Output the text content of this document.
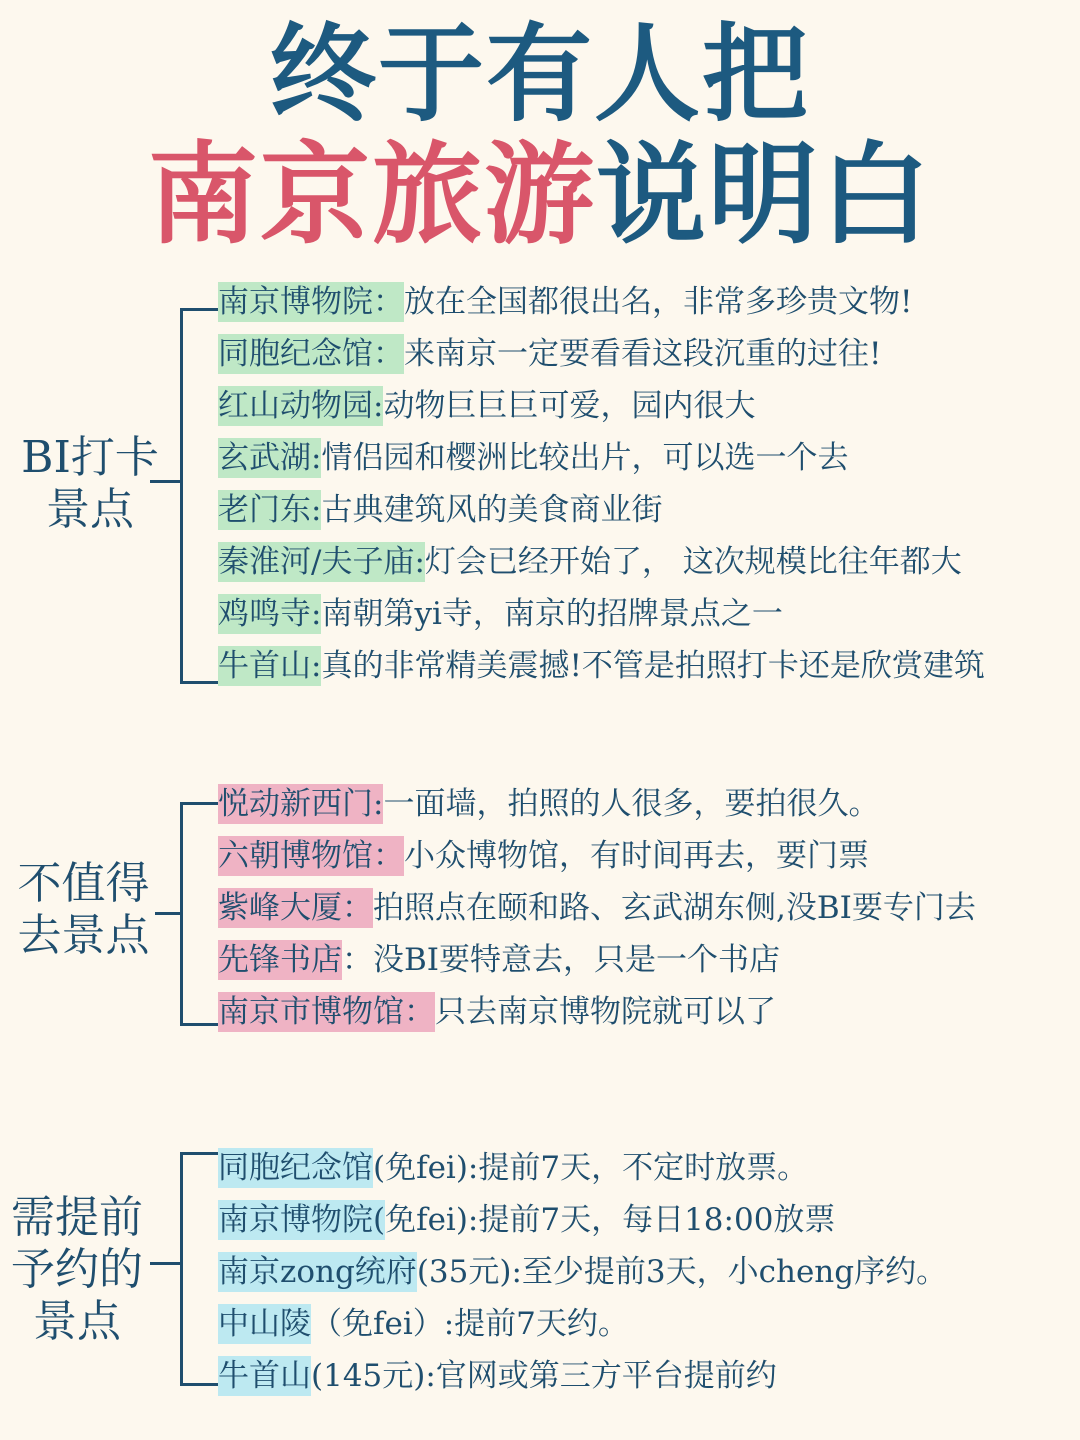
终于有人把
南京旅游说明白
BI打卡
景点
南京博物院：放在全国都很出名，非常多珍贵文物!
同胞纪念馆：来南京一定要看看这段沉重的过往!
红山动物园:动物巨巨巨可爱，园内很大
玄武湖:情侣园和樱洲比较出片，可以选一个去
老门东:古典建筑风的美食商业街
秦淮河/夫子庙:灯会已经开始了， 这次规模比往年都大
鸡鸣寺:南朝第yi寺，南京的招牌景点之一
牛首山:真的非常精美震撼!不管是拍照打卡还是欣赏建筑
不值得
去景点
悦动新西门:一面墙，拍照的人很多，要拍很久。
六朝博物馆：小众博物馆，有时间再去，要门票
紫峰大厦：拍照点在颐和路、玄武湖东侧,没BI要专门去
先锋书店：没BI要特意去，只是一个书店
南京市博物馆：只去南京博物院就可以了
需提前
予约的
景点
同胞纪念馆(免fei):提前7天，不定时放票。
南京博物院(免fei):提前7天，每日18:00放票
南京zong统府(35元):至少提前3天，小cheng序约。
中山陵（免fei）:提前7天约。
牛首山(145元):官网或第三方平台提前约
